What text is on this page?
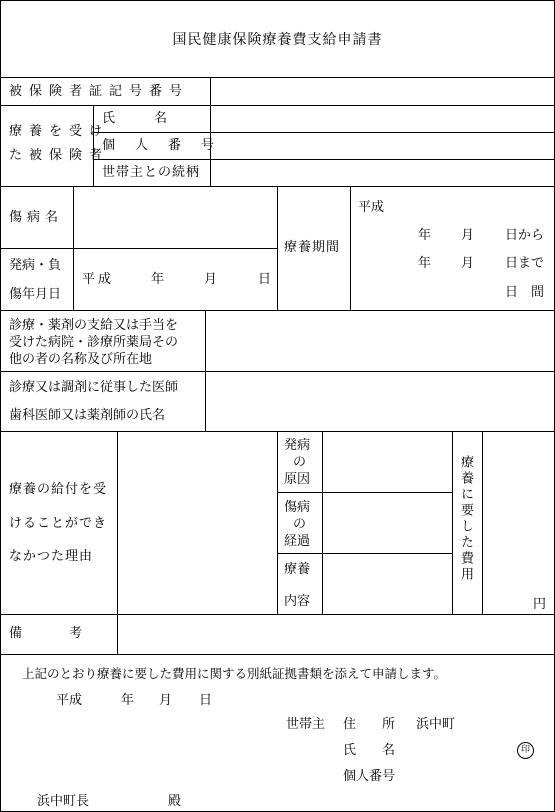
国民健康保険療養費支給申請書
被保険者証記号番号
療養を受け
た被保険者
氏　　　名
個人番号
世帯主との続柄
傷病名
発病・負
傷年月日
平成	年	月	日
療養期間
平成
年 月 日から
年 月 日まで
日　間
診療・薬剤の支給又は手当を
受けた病院・診療所薬局その
他の者の名称及び所在地
診療又は調剤に従事した医師
歯科医師又は薬剤師の氏名
療養の給付を受
けることができ
なかつた理由
発病
の
原因
傷病
の
経過
療養
内容
療養に要した費用
円
備　　　考
上記のとおり療養に要した費用に関する別紙証拠書類を添えて申請します。
平成	年 月 日
世帯主 住　　所 浜中町
氏　　名	印
個人番号
浜中町長	殿
